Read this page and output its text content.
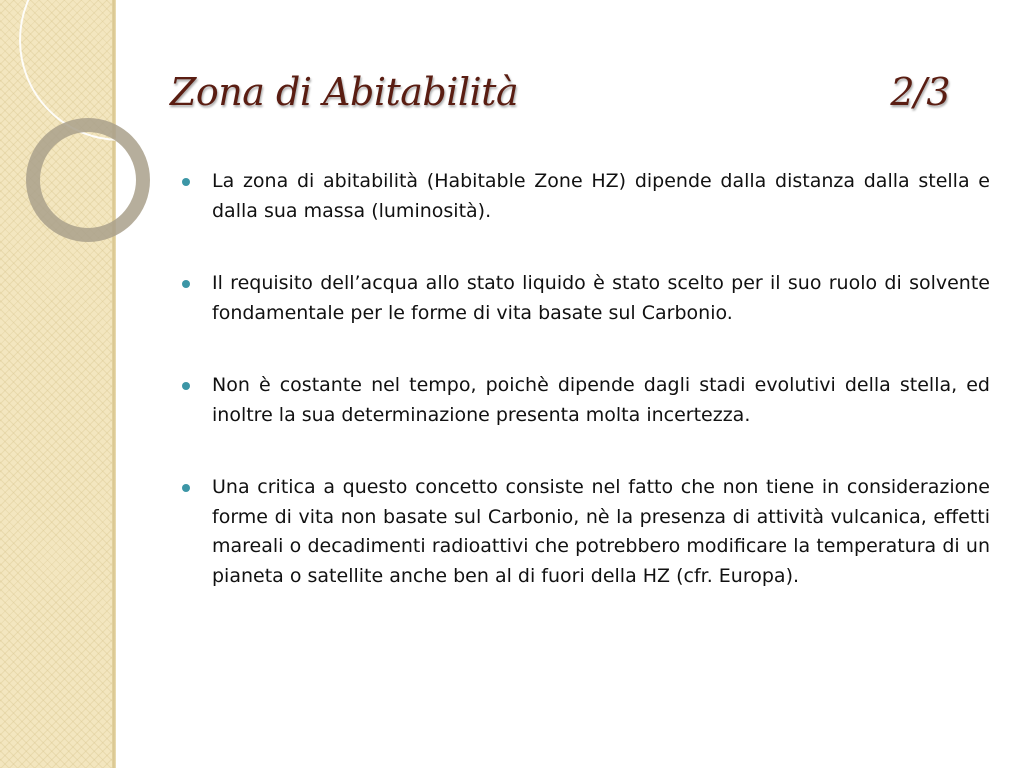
Zona di Abitabilità	2/3
La zona di abitabilità (Habitable Zone HZ) dipende dalla distanza dalla stella e dalla sua massa (luminosità).
Il requisito dell’acqua allo stato liquido è stato scelto per il suo ruolo di solvente fondamentale per le forme di vita basate sul Carbonio.
Non è costante nel tempo, poichè dipende dagli stadi evolutivi della stella, ed inoltre la sua determinazione presenta molta incertezza.
Una critica a questo concetto consiste nel fatto che non tiene in considerazione forme di vita non basate sul Carbonio, nè la presenza di attività vulcanica, effetti mareali o decadimenti radioattivi che potrebbero modificare la temperatura di un pianeta o satellite anche ben al di fuori della HZ (cfr. Europa).
